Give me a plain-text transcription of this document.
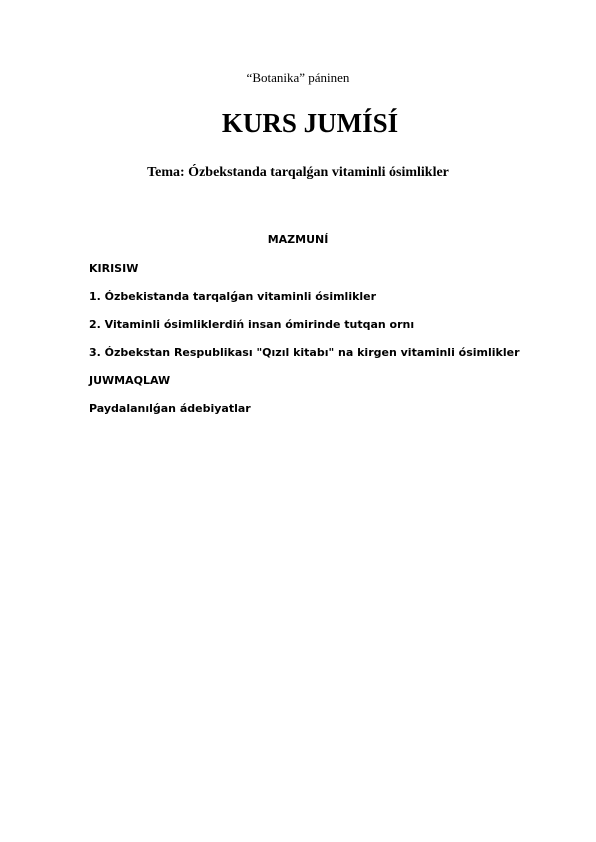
“Botanika” páninen
KURS JUMÍSÍ
Tema: Ózbekstanda tarqalǵan vitaminli ósimlikler
MAZMUNÍ
KIRISIW
1. Ózbekistanda tarqalǵan vitaminli ósimlikler
2. Vitaminli ósimliklerdiń insan ómirinde tutqan ornı
3. Ózbekstan Respublikası "Qızıl kitabı" na kirgen vitaminli ósimlikler
JUWMAQLAW
Paydalanılǵan ádebiyatlar
